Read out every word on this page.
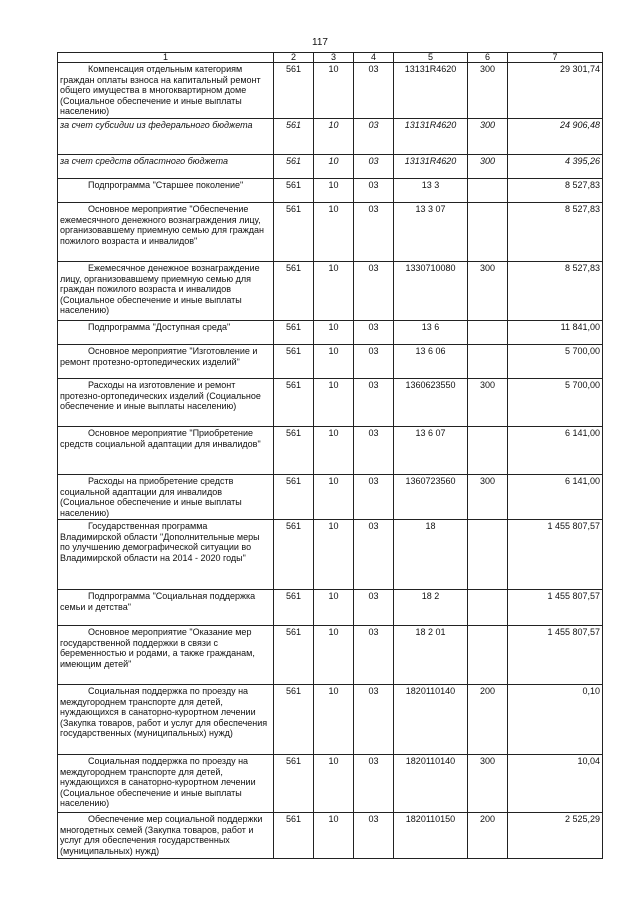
117
1	2	3	4	5	6	7
Компенсация отдельным категориям граждан оплаты взноса на капитальный ремонт общего имущества в многоквартирном доме (Социальное обеспечение и иные выплаты населению)	561	10	03	13131R4620	300	29 301,74
за счет субсидии из федерального бюджета	561	10	03	13131R4620	300	24 906,48
за счет средств областного бюджета	561	10	03	13131R4620	300	4 395,26
Подпрограмма "Старшее поколение"	561	10	03	13 3		8 527,83
Основное мероприятие "Обеспечение ежемесячного денежного вознаграждения лицу, организовавшему приемную семью для граждан пожилого возраста и инвалидов"	561	10	03	13 3 07		8 527,83
Ежемесячное денежное вознаграждение лицу, организовавшему приемную семью для граждан пожилого возраста и инвалидов (Социальное обеспечение и иные выплаты населению)	561	10	03	1330710080	300	8 527,83
Подпрограмма "Доступная среда"	561	10	03	13 6		11 841,00
Основное мероприятие "Изготовление и ремонт протезно-ортопедических изделий"	561	10	03	13 6 06		5 700,00
Расходы на изготовление и ремонт протезно-ортопедических изделий (Социальное обеспечение и иные выплаты населению)	561	10	03	1360623550	300	5 700,00
Основное мероприятие "Приобретение средств социальной адаптации для инвалидов"	561	10	03	13 6 07		6 141,00
Расходы на приобретение средств социальной адаптации для инвалидов (Социальное обеспечение и иные выплаты населению)	561	10	03	1360723560	300	6 141,00
Государственная программа Владимирской области "Дополнительные меры по улучшению демографической ситуации во Владимирской области на 2014 - 2020 годы"	561	10	03	18		1 455 807,57
Подпрограмма "Социальная поддержка семьи и детства"	561	10	03	18 2		1 455 807,57
Основное мероприятие "Оказание мер государственной поддержки в связи с беременностью и родами, а также гражданам, имеющим детей"	561	10	03	18 2 01		1 455 807,57
Социальная поддержка по проезду на междугороднем транспорте для детей, нуждающихся в санаторно-курортном лечении (Закупка товаров, работ и услуг для обеспечения государственных (муниципальных) нужд)	561	10	03	1820110140	200	0,10
Социальная поддержка по проезду на междугороднем транспорте для детей, нуждающихся в санаторно-курортном лечении (Социальное обеспечение и иные выплаты населению)	561	10	03	1820110140	300	10,04
Обеспечение мер социальной поддержки многодетных семей (Закупка товаров, работ и услуг для обеспечения государственных (муниципальных) нужд)	561	10	03	1820110150	200	2 525,29
